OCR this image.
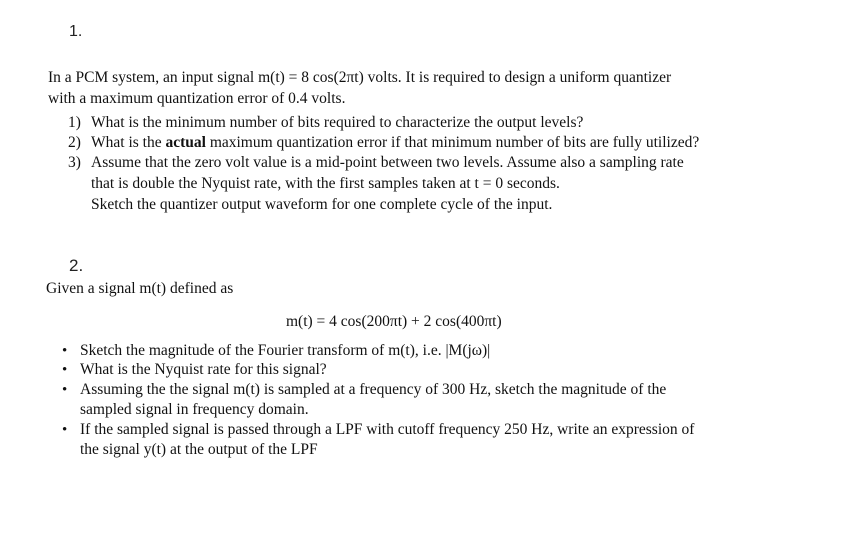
1.
In a PCM system, an input signal m(t) = 8 cos(2πt) volts. It is required to design a uniform quantizer
with a maximum quantization error of 0.4 volts.
1) What is the minimum number of bits required to characterize the output levels?
2) What is the actual maximum quantization error if that minimum number of bits are fully utilized?
3) Assume that the zero volt value is a mid-point between two levels. Assume also a sampling rate
that is double the Nyquist rate, with the first samples taken at t = 0 seconds.
Sketch the quantizer output waveform for one complete cycle of the input.
2.
Given a signal m(t) defined as
m(t) = 4 cos(200πt) + 2 cos(400πt)
• Sketch the magnitude of the Fourier transform of m(t), i.e. |M(jω)|
• What is the Nyquist rate for this signal?
• Assuming the the signal m(t) is sampled at a frequency of 300 Hz, sketch the magnitude of the
sampled signal in frequency domain.
• If the sampled signal is passed through a LPF with cutoff frequency 250 Hz, write an expression of
the signal y(t) at the output of the LPF
